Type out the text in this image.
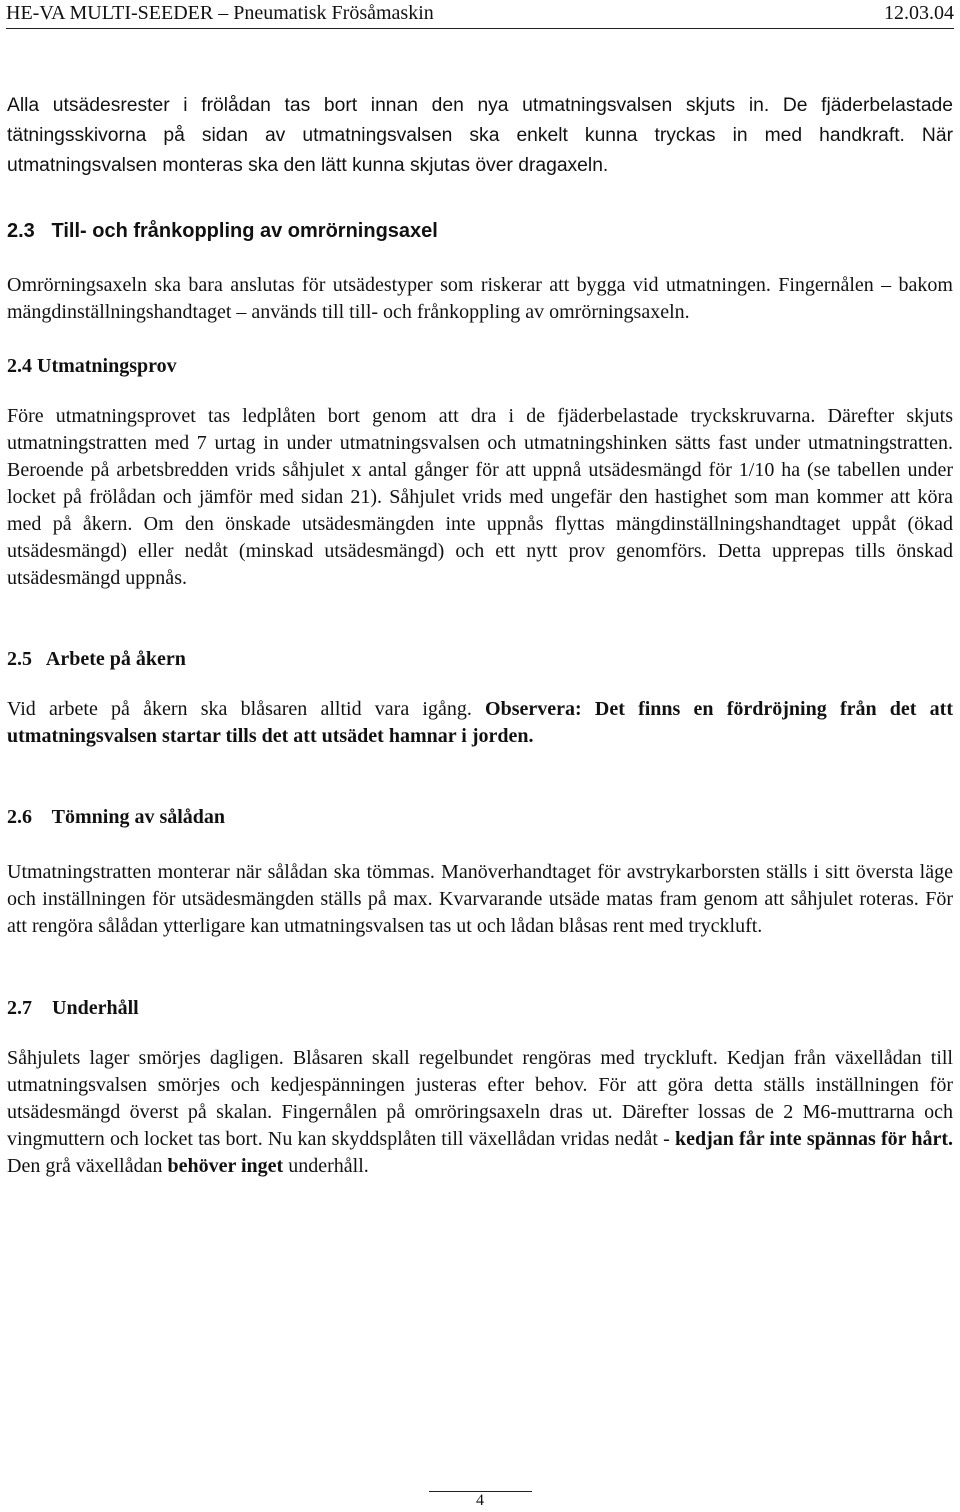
HE-VA MULTI-SEEDER – Pneumatisk Frösåmaskin	12.03.04

Alla utsädesrester i frölådan tas bort innan den nya utmatningsvalsen skjuts in. De fjäderbelastade tätningsskivorna på sidan av utmatningsvalsen ska enkelt kunna tryckas in med handkraft. När utmatningsvalsen monteras ska den lätt kunna skjutas över dragaxeln.

2.3 Till- och frånkoppling av omrörningsaxel

Omrörningsaxeln ska bara anslutas för utsädestyper som riskerar att bygga vid utmatningen. Fingernålen – bakom mängdinställningshandtaget – används till till- och frånkoppling av omrörningsaxeln.

2.4 Utmatningsprov

Före utmatningsprovet tas ledplåten bort genom att dra i de fjäderbelastade tryckskruvarna. Därefter skjuts utmatningstratten med 7 urtag in under utmatningsvalsen och utmatningshinken sätts fast under utmatningstratten. Beroende på arbetsbredden vrids såhjulet x antal gånger för att uppnå utsädesmängd för 1/10 ha (se tabellen under locket på frölådan och jämför med sidan 21). Såhjulet vrids med ungefär den hastighet som man kommer att köra med på åkern. Om den önskade utsädesmängden inte uppnås flyttas mängdinställningshandtaget uppåt (ökad utsädesmängd) eller nedåt (minskad utsädesmängd) och ett nytt prov genomförs. Detta upprepas tills önskad utsädesmängd uppnås.

2.5 Arbete på åkern

Vid arbete på åkern ska blåsaren alltid vara igång. Observera: Det finns en fördröjning från det att utmatningsvalsen startar tills det att utsädet hamnar i jorden.

2.6 Tömning av sålådan

Utmatningstratten monterar när sålådan ska tömmas. Manöverhandtaget för avstrykarborsten ställs i sitt översta läge och inställningen för utsädesmängden ställs på max. Kvarvarande utsäde matas fram genom att såhjulet roteras. För att rengöra sålådan ytterligare kan utmatningsvalsen tas ut och lådan blåsas rent med tryckluft.

2.7 Underhåll

Såhjulets lager smörjes dagligen. Blåsaren skall regelbundet rengöras med tryckluft. Kedjan från växellådan till utmatningsvalsen smörjes och kedjespänningen justeras efter behov. För att göra detta ställs inställningen för utsädesmängd överst på skalan. Fingernålen på omröringsaxeln dras ut. Därefter lossas de 2 M6-muttrarna och vingmuttern och locket tas bort. Nu kan skyddsplåten till växellådan vridas nedåt - kedjan får inte spännas för hårt. Den grå växellådan behöver inget underhåll.

4
